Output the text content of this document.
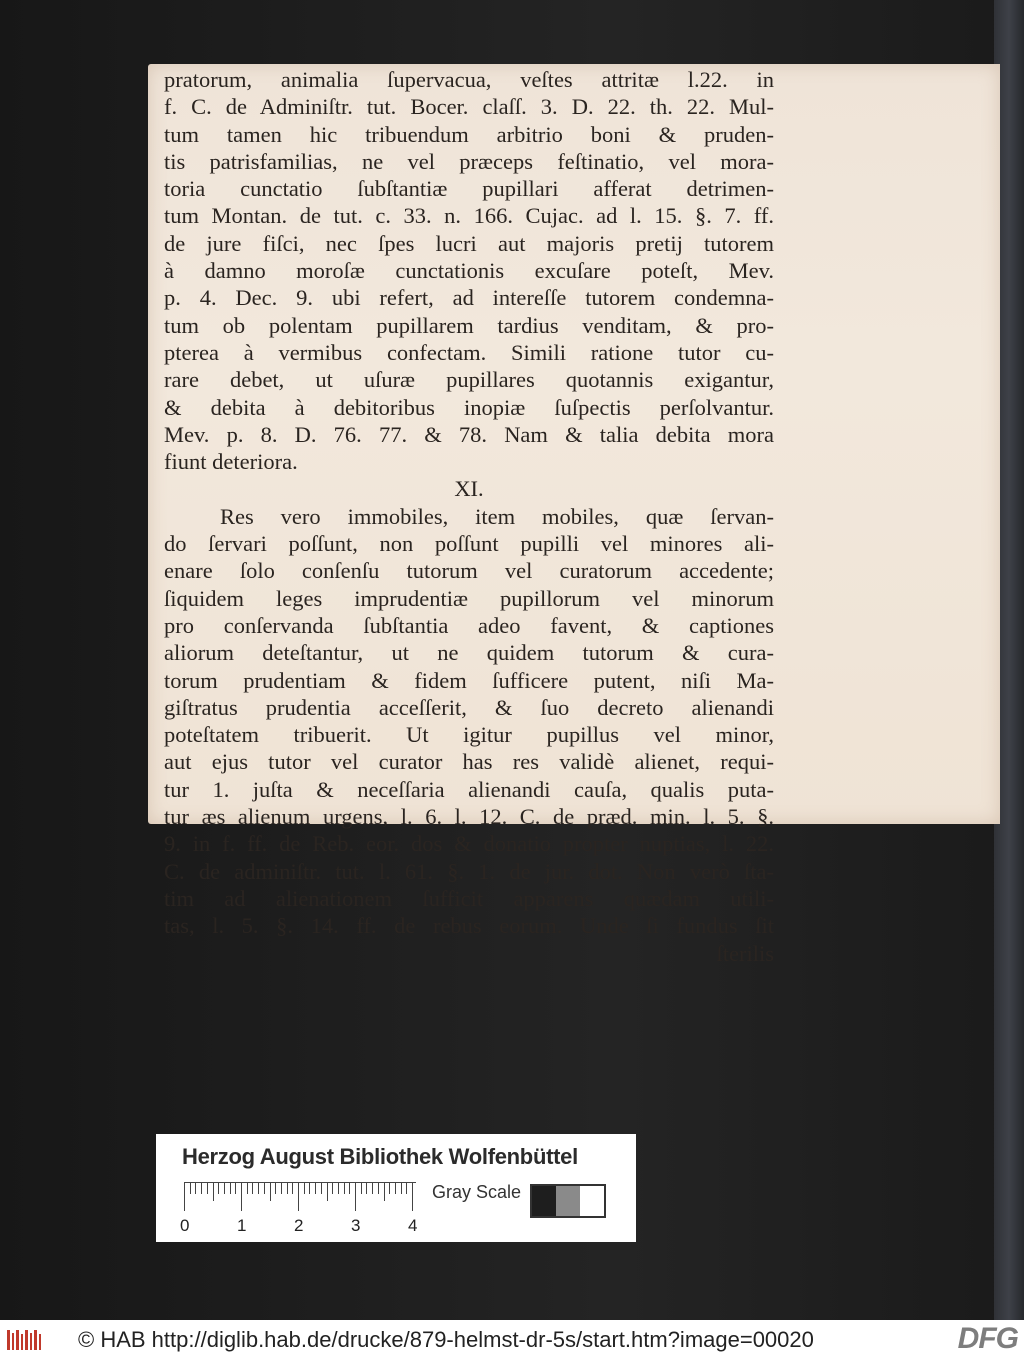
pratorum, animalia ſupervacua, veſtes attritæ l.22. in
f. C. de Adminiſtr. tut. Bocer. claſſ. 3. D. 22. th. 22. Mul-
tum tamen hic tribuendum arbitrio boni & pruden-
tis patrisfamilias, ne vel præceps feſtinatio, vel mora-
toria cunctatio ſubſtantiæ pupillari afferat detrimen-
tum Montan. de tut. c. 33. n. 166. Cujac. ad l. 15. §. 7. ff.
de jure fiſci, nec ſpes lucri aut majoris pretij tutorem
à damno moroſæ cunctationis excuſare poteſt, Mev.
p. 4. Dec. 9. ubi refert, ad intereſſe tutorem condemna-
tum ob polentam pupillarem tardius venditam, & pro-
pterea à vermibus confectam. Simili ratione tutor cu-
rare debet, ut uſuræ pupillares quotannis exigantur,
& debita à debitoribus inopiæ ſuſpectis perſolvantur.
Mev. p. 8. D. 76. 77. & 78. Nam & talia debita mora
fiunt deteriora.
XI.
Res vero immobiles, item mobiles, quæ ſervan-
do ſervari poſſunt, non poſſunt pupilli vel minores ali-
enare ſolo conſenſu tutorum vel curatorum accedente;
ſiquidem leges imprudentiæ pupillorum vel minorum
pro conſervanda ſubſtantia adeo favent, & captiones
aliorum deteſtantur, ut ne quidem tutorum & cura-
torum prudentiam & fidem ſufficere putent, niſi Ma-
giſtratus prudentia acceſſerit, & ſuo decreto alienandi
poteſtatem tribuerit. Ut igitur pupillus vel minor,
aut ejus tutor vel curator has res validè alienet, requi-
tur 1. juſta & neceſſaria alienandi cauſa, qualis puta-
tur æs alienum urgens, l. 6. l. 12. C. de præd. min. l. 5. §.
9. in f. ff. de Reb. eor. dos & donatio propter nuptias, l. 22.
C. de adminiſtr. tut. l. 61. §. 1. de jur. dot. Non verò ſta-
tim ad alienationem ſufficit apparens quædam utili-
tas, l. 5. §. 14. ff. de rebus eorum. Unde ſi fundus ſit
ſterilis
Herzog August Bibliothek Wolfenbüttel
0	1	2	3	4
Gray Scale
© HAB http://diglib.hab.de/drucke/879-helmst-dr-5s/start.htm?image=00020	DFG
